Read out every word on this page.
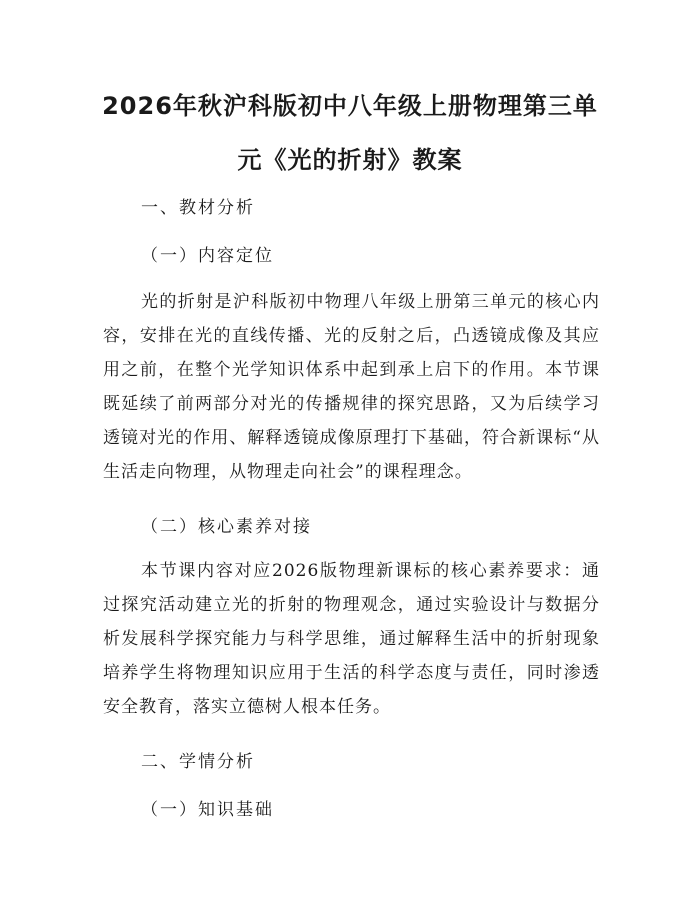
2026年秋沪科版初中八年级上册物理第三单
元《光的折射》教案

一、教材分析

（一）内容定位

光的折射是沪科版初中物理八年级上册第三单元的核心内容，安排在光的直线传播、光的反射之后，凸透镜成像及其应用之前，在整个光学知识体系中起到承上启下的作用。本节课既延续了前两部分对光的传播规律的探究思路，又为后续学习透镜对光的作用、解释透镜成像原理打下基础，符合新课标“从生活走向物理，从物理走向社会”的课程理念。

（二）核心素养对接

本节课内容对应2026版物理新课标的核心素养要求：通过探究活动建立光的折射的物理观念，通过实验设计与数据分析发展科学探究能力与科学思维，通过解释生活中的折射现象培养学生将物理知识应用于生活的科学态度与责任，同时渗透安全教育，落实立德树人根本任务。

二、学情分析

（一）知识基础
